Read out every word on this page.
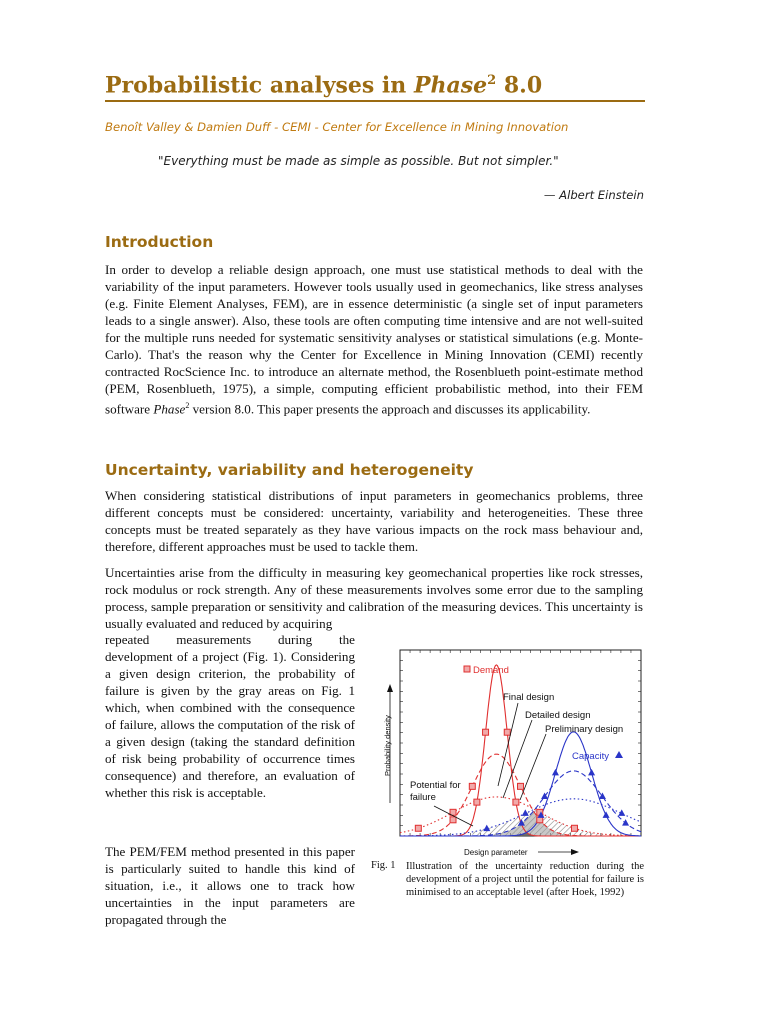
Probabilistic analyses in Phase$^2$ 8.0
Benoît Valley & Damien Duff - CEMI - Center for Excellence in Mining Innovation
"Everything must be made as simple as possible. But not simpler."
— Albert Einstein
Introduction

In order to develop a reliable design approach, one must use statistical methods to deal with the variability of the input parameters. However tools usually used in geomechanics, like stress analyses (e.g. Finite Element Analyses, FEM), are in essence deterministic (a single set of input parameters leads to a single answer). Also, these tools are often computing time intensive and are not well-suited for the multiple runs needed for systematic sensitivity analyses or statistical simulations (e.g. Monte-Carlo). That's the reason why the Center for Excellence in Mining Innovation (CEMI) recently contracted RocScience Inc. to introduce an alternate method, the Rosenblueth point-estimate method (PEM, Rosenblueth, 1975), a simple, computing efficient probabilistic method, into their FEM software Phase$^2$ version 8.0. This paper presents the approach and discusses its applicability.

Uncertainty, variability and heterogeneity

When considering statistical distributions of input parameters in geomechanics problems, three different concepts must be considered: uncertainty, variability and heterogeneities. These three concepts must be treated separately as they have various impacts on the rock mass behaviour and, therefore, different approaches must be used to tackle them.

Uncertainties arise from the difficulty in measuring key geomechanical properties like rock stresses, rock modulus or rock strength. Any of these measurements involves some error due to the sampling process, sample preparation or sensitivity and calibration of the measuring devices. This uncertainty is usually evaluated and reduced by acquiring

repeated measurements during the development of a project (Fig. 1). Considering a given design criterion, the probability of failure is given by the gray areas on Fig. 1 which, when combined with the consequence of failure, allows the computation of the risk of a given design (taking the standard definition of risk being probability of occurrence times consequence) and therefore, an evaluation of whether this risk is acceptable.

The PEM/FEM method presented in this paper is particularly suited to handle this kind of situation, i.e., it allows one to track how uncertainties in the input parameters are propagated through the

Demand
Final design
Detailed design
Preliminary design
Capacity
Potential for
failure
Design parameter
Probability density
Fig. 1 Illustration of the uncertainty reduction during the development of a project until the potential for failure is minimised to an acceptable level (after Hoek, 1992)
